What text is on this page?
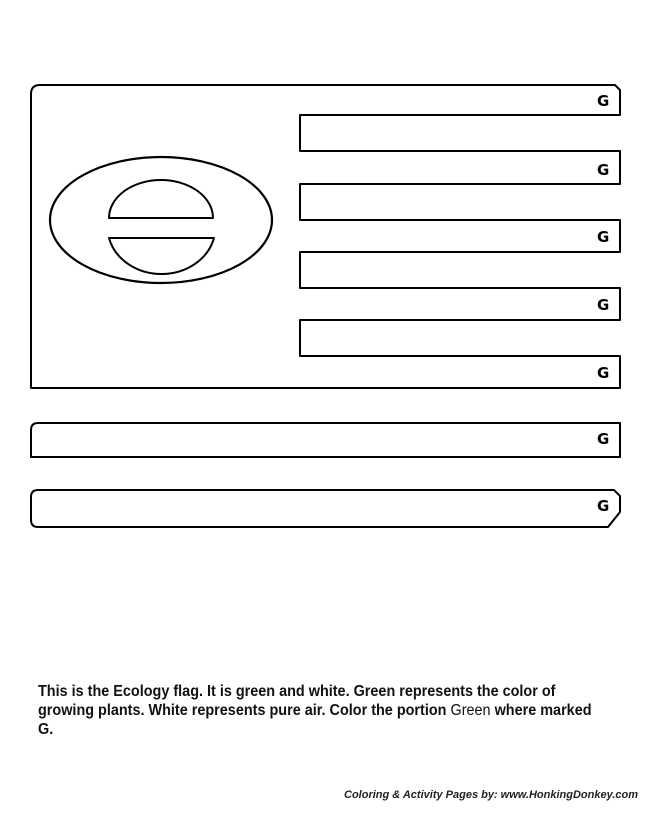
G
G
G
G
G
G
G

This is the Ecology flag. It is green and white. Green represents the color of growing plants. White represents pure air. Color the portion Green where marked G.

Coloring & Activity Pages by: www.HonkingDonkey.com
